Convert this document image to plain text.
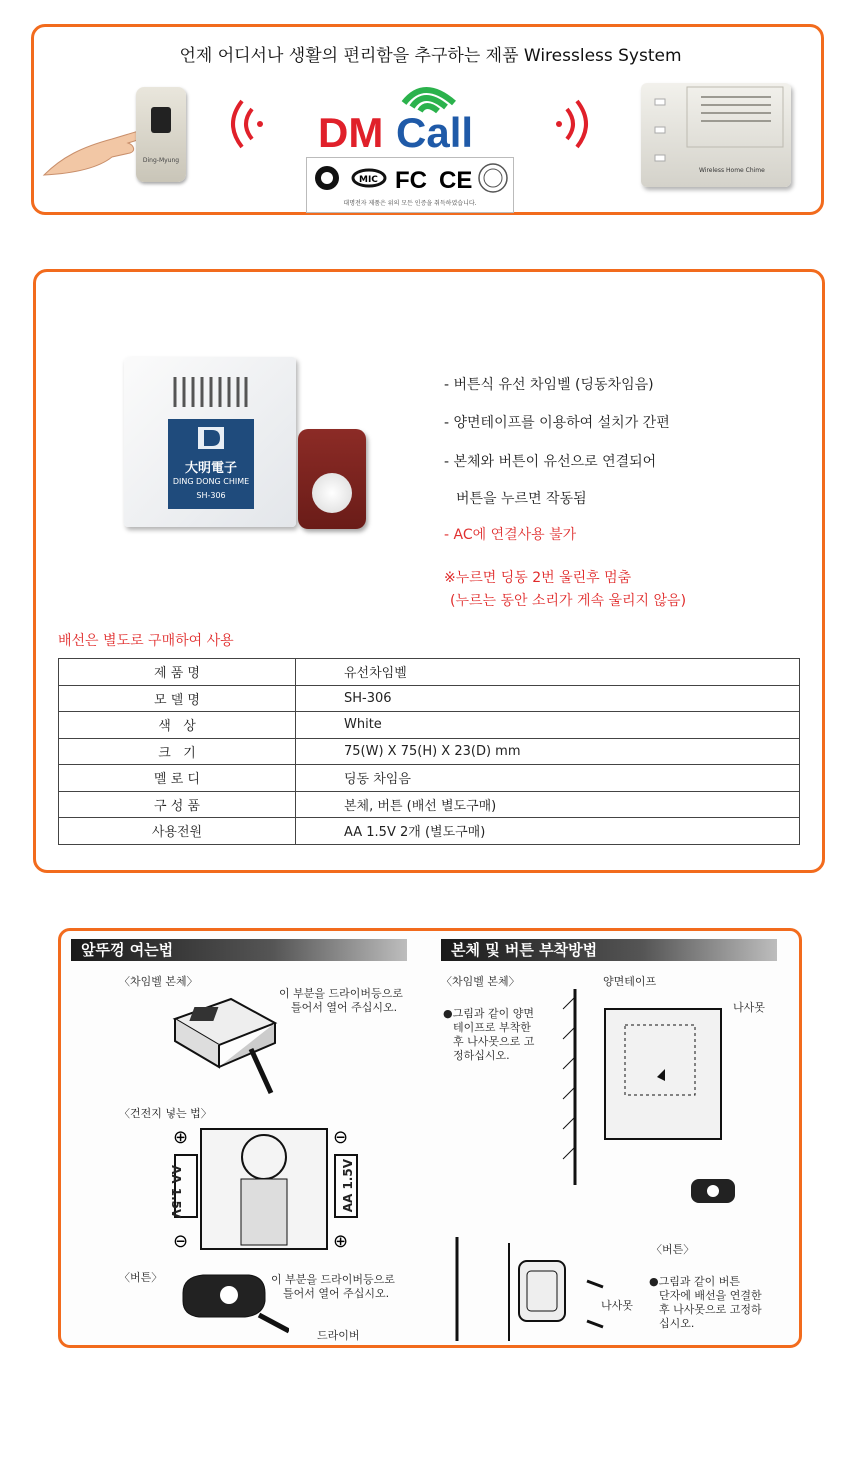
언제 어디서나 생활의 편리함을 추구하는 제품 Wiressless System
Ding-Myung
DM Call
MIC FC CE
대명전자 제품은 위의 모든 인증을 취득하였습니다.
Wireless Home Chime
大明電子
DING DONG CHIME
SH-306
- 버튼식 유선 차임벨 (딩동차임음)
- 양면테이프를 이용하여 설치가 간편
- 본체와 버튼이 유선으로 연결되어
버튼을 누르면 작동됨
- AC에 연결사용 불가
※누르면 딩동 2번 울린후 멈춤
(누르는 동안 소리가 게속 울리지 않음)
배선은 별도로 구매하여 사용
제 품 명	유선차임벨
모 델 명	SH-306
색   상	White
크   기	75(W) X 75(H) X 23(D) mm
멜 로 디	딩동 차임음
구 성 품	본체, 버튼 (배선 별도구매)
사용전원	AA 1.5V 2개 (별도구매)
앞뚜껑 여는법	본체 및 버튼 부착방법
〈차임벨 본체〉
이 부분을 드라이버등으로
틀어서 열어 주십시오.
〈건전지 넣는 법〉
⊕
⊖
⊖
⊕
AA 1.5V	AA 1.5V
〈버튼〉	이 부분을 드라이버등으로
틀어서 열어 주십시오.
드라이버
〈차임벨 본체〉	양면테이프
나사못
●그림과 같이 양면
테이프로 부착한
후 나사못으로 고
정하십시오.
〈버튼〉
나사못
●그림과 같이 버튼
단자에 배선을 연결한
후 나사못으로 고정하
십시오.
